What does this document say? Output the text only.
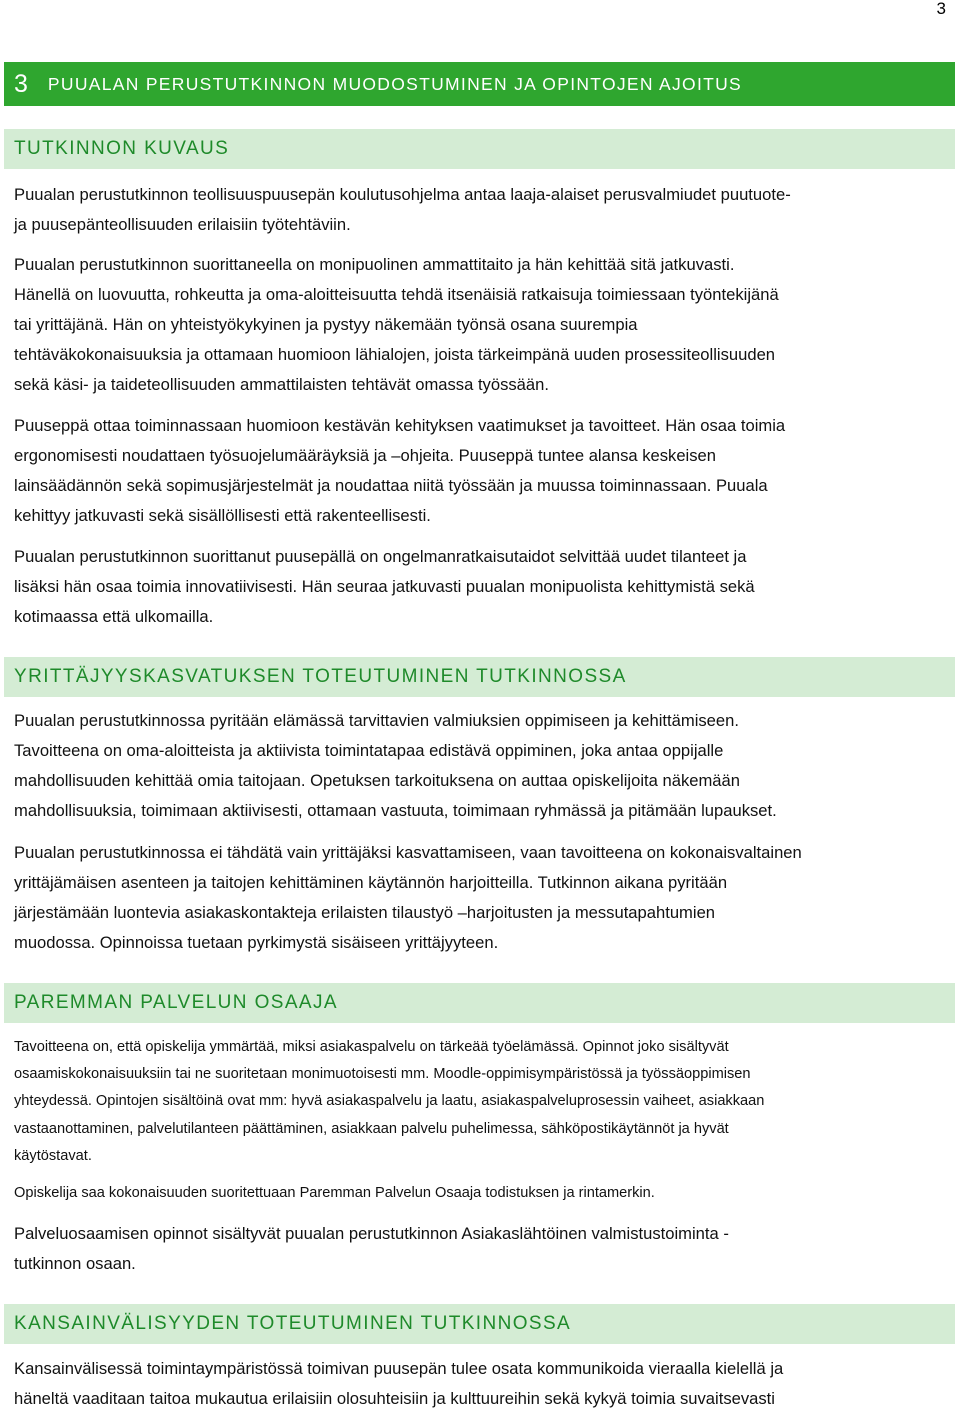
3
3 PUUALAN PERUSTUTKINNON MUODOSTUMINEN JA OPINTOJEN AJOITUS
TUTKINNON KUVAUS

Puualan perustutkinnon teollisuuspuusepän koulutusohjelma antaa laaja-alaiset perusvalmiudet puutuote-
ja puusepänteollisuuden erilaisiin työtehtäviin.

Puualan perustutkinnon suorittaneella on monipuolinen ammattitaito ja hän kehittää sitä jatkuvasti.
Hänellä on luovuutta, rohkeutta ja oma-aloitteisuutta tehdä itsenäisiä ratkaisuja toimiessaan työntekijänä
tai yrittäjänä. Hän on yhteistyökykyinen ja pystyy näkemään työnsä osana suurempia
tehtäväkokonaisuuksia ja ottamaan huomioon lähialojen, joista tärkeimpänä uuden prosessiteollisuuden
sekä käsi- ja taideteollisuuden ammattilaisten tehtävät omassa työssään.

Puuseppä ottaa toiminnassaan huomioon kestävän kehityksen vaatimukset ja tavoitteet. Hän osaa toimia
ergonomisesti noudattaen työsuojelumääräyksiä ja –ohjeita. Puuseppä tuntee alansa keskeisen
lainsäädännön sekä sopimusjärjestelmät ja noudattaa niitä työssään ja muussa toiminnassaan. Puuala
kehittyy jatkuvasti sekä sisällöllisesti että rakenteellisesti.

Puualan perustutkinnon suorittanut puusepällä on ongelmanratkaisutaidot selvittää uudet tilanteet ja
lisäksi hän osaa toimia innovatiivisesti. Hän seuraa jatkuvasti puualan monipuolista kehittymistä sekä
kotimaassa että ulkomailla.

YRITTÄJYYSKASVATUKSEN TOTEUTUMINEN TUTKINNOSSA

Puualan perustutkinnossa pyritään elämässä tarvittavien valmiuksien oppimiseen ja kehittämiseen.
Tavoitteena on oma-aloitteista ja aktiivista toimintatapaa edistävä oppiminen, joka antaa oppijalle
mahdollisuuden kehittää omia taitojaan. Opetuksen tarkoituksena on auttaa opiskelijoita näkemään
mahdollisuuksia, toimimaan aktiivisesti, ottamaan vastuuta, toimimaan ryhmässä ja pitämään lupaukset.

Puualan perustutkinnossa ei tähdätä vain yrittäjäksi kasvattamiseen, vaan tavoitteena on kokonaisvaltainen
yrittäjämäisen asenteen ja taitojen kehittäminen käytännön harjoitteilla. Tutkinnon aikana pyritään
järjestämään luontevia asiakaskontakteja erilaisten tilaustyö –harjoitusten ja messutapahtumien
muodossa. Opinnoissa tuetaan pyrkimystä sisäiseen yrittäjyyteen.

PAREMMAN PALVELUN OSAAJA

Tavoitteena on, että opiskelija ymmärtää, miksi asiakaspalvelu on tärkeää työelämässä. Opinnot joko sisältyvät
osaamiskokonaisuuksiin tai ne suoritetaan monimuotoisesti mm. Moodle-oppimisympäristössä ja työssäoppimisen
yhteydessä. Opintojen sisältöinä ovat mm: hyvä asiakaspalvelu ja laatu, asiakaspalveluprosessin vaiheet, asiakkaan
vastaanottaminen, palvelutilanteen päättäminen, asiakkaan palvelu puhelimessa, sähköpostikäytännöt ja hyvät
käytöstavat.

Opiskelija saa kokonaisuuden suoritettuaan Paremman Palvelun Osaaja todistuksen ja rintamerkin.

Palveluosaamisen opinnot sisältyvät puualan perustutkinnon Asiakaslähtöinen valmistustoiminta -
tutkinnon osaan.

KANSAINVÄLISYYDEN TOTEUTUMINEN TUTKINNOSSA

Kansainvälisessä toimintaympäristössä toimivan puusepän tulee osata kommunikoida vieraalla kielellä ja
häneltä vaaditaan taitoa mukautua erilaisiin olosuhteisiin ja kulttuureihin sekä kykyä toimia suvaitsevasti
